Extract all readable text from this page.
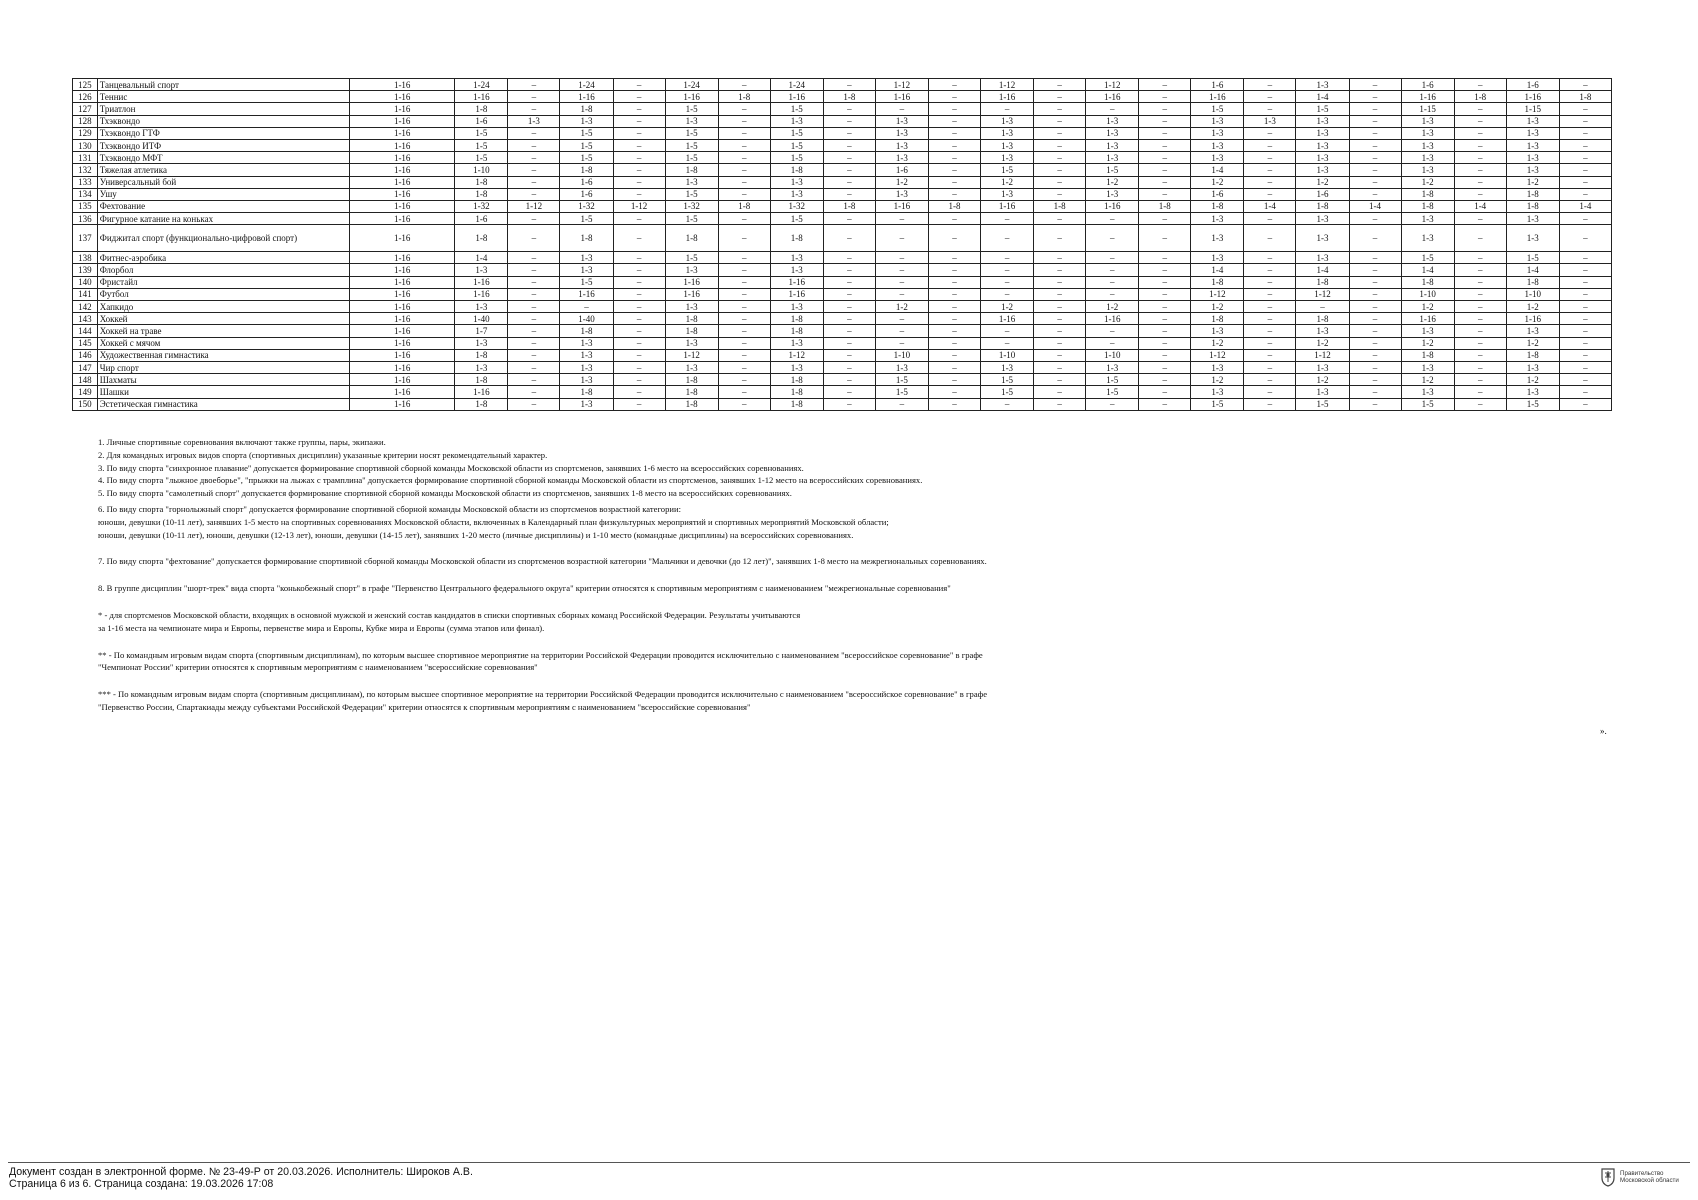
125	Танцевальный спорт	1-16	1-24	–	1-24	–	1-24	–	1-24	–	1-12	–	1-12	–	1-12	–	1-6	–	1-3	–	1-6	–	1-6	–
126	Теннис	1-16	1-16	–	1-16	–	1-16	1-8	1-16	1-8	1-16	–	1-16	–	1-16	–	1-16	–	1-4	–	1-16	1-8	1-16	1-8
127	Триатлон	1-16	1-8	–	1-8	–	1-5	–	1-5	–	–	–	–	–	–	–	1-5	–	1-5	–	1-15	–	1-15	–
128	Тхэквондо	1-16	1-6	1-3	1-3	–	1-3	–	1-3	–	1-3	–	1-3	–	1-3	–	1-3	1-3	1-3	–	1-3	–	1-3	–
129	Тхэквондо ГТФ	1-16	1-5	–	1-5	–	1-5	–	1-5	–	1-3	–	1-3	–	1-3	–	1-3	–	1-3	–	1-3	–	1-3	–
130	Тхэквондо ИТФ	1-16	1-5	–	1-5	–	1-5	–	1-5	–	1-3	–	1-3	–	1-3	–	1-3	–	1-3	–	1-3	–	1-3	–
131	Тхэквондо МФТ	1-16	1-5	–	1-5	–	1-5	–	1-5	–	1-3	–	1-3	–	1-3	–	1-3	–	1-3	–	1-3	–	1-3	–
132	Тяжелая атлетика	1-16	1-10	–	1-8	–	1-8	–	1-8	–	1-6	–	1-5	–	1-5	–	1-4	–	1-3	–	1-3	–	1-3	–
133	Универсальный бой	1-16	1-8	–	1-6	–	1-3	–	1-3	–	1-2	–	1-2	–	1-2	–	1-2	–	1-2	–	1-2	–	1-2	–
134	Ушу	1-16	1-8	–	1-6	–	1-5	–	1-3	–	1-3	–	1-3	–	1-3	–	1-6	–	1-6	–	1-8	–	1-8	–
135	Фехтование	1-16	1-32	1-12	1-32	1-12	1-32	1-8	1-32	1-8	1-16	1-8	1-16	1-8	1-16	1-8	1-8	1-4	1-8	1-4	1-8	1-4	1-8	1-4
136	Фигурное катание на коньках	1-16	1-6	–	1-5	–	1-5	–	1-5	–	–	–	–	–	–	–	1-3	–	1-3	–	1-3	–	1-3	–
137	Фиджитал спорт (функционально-цифровой спорт)	1-16	1-8	–	1-8	–	1-8	–	1-8	–	–	–	–	–	–	–	1-3	–	1-3	–	1-3	–	1-3	–
138	Фитнес-аэробика	1-16	1-4	–	1-3	–	1-5	–	1-3	–	–	–	–	–	–	–	1-3	–	1-3	–	1-5	–	1-5	–
139	Флорбол	1-16	1-3	–	1-3	–	1-3	–	1-3	–	–	–	–	–	–	–	1-4	–	1-4	–	1-4	–	1-4	–
140	Фристайл	1-16	1-16	–	1-5	–	1-16	–	1-16	–	–	–	–	–	–	–	1-8	–	1-8	–	1-8	–	1-8	–
141	Футбол	1-16	1-16	–	1-16	–	1-16	–	1-16	–	–	–	–	–	–	–	1-12	–	1-12	–	1-10	–	1-10	–
142	Хапкидо	1-16	1-3	–	–	–	1-3	–	1-3	–	1-2	–	1-2	–	1-2	–	1-2	–	–	–	1-2	–	1-2	–
143	Хоккей	1-16	1-40	–	1-40	–	1-8	–	1-8	–	–	–	1-16	–	1-16	–	1-8	–	1-8	–	1-16	–	1-16	–
144	Хоккей на траве	1-16	1-7	–	1-8	–	1-8	–	1-8	–	–	–	–	–	–	–	1-3	–	1-3	–	1-3	–	1-3	–
145	Хоккей с мячом	1-16	1-3	–	1-3	–	1-3	–	1-3	–	–	–	–	–	–	–	1-2	–	1-2	–	1-2	–	1-2	–
146	Художественная гимнастика	1-16	1-8	–	1-3	–	1-12	–	1-12	–	1-10	–	1-10	–	1-10	–	1-12	–	1-12	–	1-8	–	1-8	–
147	Чир спорт	1-16	1-3	–	1-3	–	1-3	–	1-3	–	1-3	–	1-3	–	1-3	–	1-3	–	1-3	–	1-3	–	1-3	–
148	Шахматы	1-16	1-8	–	1-3	–	1-8	–	1-8	–	1-5	–	1-5	–	1-5	–	1-2	–	1-2	–	1-2	–	1-2	–
149	Шашки	1-16	1-16	–	1-8	–	1-8	–	1-8	–	1-5	–	1-5	–	1-5	–	1-3	–	1-3	–	1-3	–	1-3	–
150	Эстетическая гимнастика	1-16	1-8	–	1-3	–	1-8	–	1-8	–	–	–	–	–	–	–	1-5	–	1-5	–	1-5	–	1-5	–

1. Личные спортивные соревнования включают также группы, пары, экипажи.

2. Для командных игровых видов спорта (спортивных дисциплин) указанные критерии носят рекомендательный характер.

3. По виду спорта "синхронное плавание" допускается формирование спортивной сборной команды Московской области из спортсменов, занявших 1-6 место на всероссийских соревнованиях.

4. По виду спорта "лыжное двоеборье", "прыжки на лыжах с трамплина" допускается формирование спортивной сборной команды Московской области из спортсменов, занявших 1-12 место на всероссийских соревнованиях.

5. По виду спорта "самолетный спорт" допускается формирование спортивной сборной команды Московской области из спортсменов, занявших 1-8 место на всероссийских соревнованиях.

6. По виду спорта "горнолыжный спорт" допускается формирование спортивной сборной команды Московской области из спортсменов возрастной категории:

юноши, девушки (10-11 лет), занявших 1-5 место на спортивных соревнованиях Московской области, включенных в Календарный план физкультурных мероприятий и спортивных мероприятий Московской области;

юноши, девушки (10-11 лет), юноши, девушки (12-13 лет), юноши, девушки (14-15 лет), занявших 1-20 место (личные дисциплины) и 1-10 место (командные дисциплины) на всероссийских соревнованиях.

7. По виду спорта "фехтование" допускается формирование спортивной сборной команды Московской области из спортсменов возрастной категории "Мальчики и девочки (до 12 лет)", занявших 1-8 место на межрегиональных соревнованиях.

8. В группе дисциплин "шорт-трек" вида спорта "конькобежный спорт" в графе "Первенство Центрального федерального округа" критерии относятся к спортивным мероприятиям с наименованием "межрегиональные соревнования"

* - для спортсменов Московской области, входящих в основной мужской и женский состав кандидатов в списки спортивных сборных команд Российской Федерации. Результаты учитываются

за 1-16 места на чемпионате мира и Европы, первенстве мира и Европы, Кубке мира и Европы (сумма этапов или финал).

** - По командным игровым видам спорта (спортивным дисциплинам), по которым высшее спортивное мероприятие на территории Российской Федерации проводится исключительно с наименованием "всероссийское соревнование" в графе

"Чемпионат России" критерии относятся к спортивным мероприятиям с наименованием "всероссийские соревнования"

*** - По командным игровым видам спорта (спортивным дисциплинам), по которым высшее спортивное мероприятие на территории Российской Федерации проводится исключительно с наименованием "всероссийское соревнование" в графе

"Первенство России, Спартакиады между субъектами Российской Федерации" критерии относятся к спортивным мероприятиям с наименованием "всероссийские соревнования"

».
Документ создан в электронной форме. № 23-49-Р от 20.03.2026. Исполнитель: Широков А.В.
Страница 6 из 6. Страница создана: 19.03.2026 17:08
Правительство
Московской области
